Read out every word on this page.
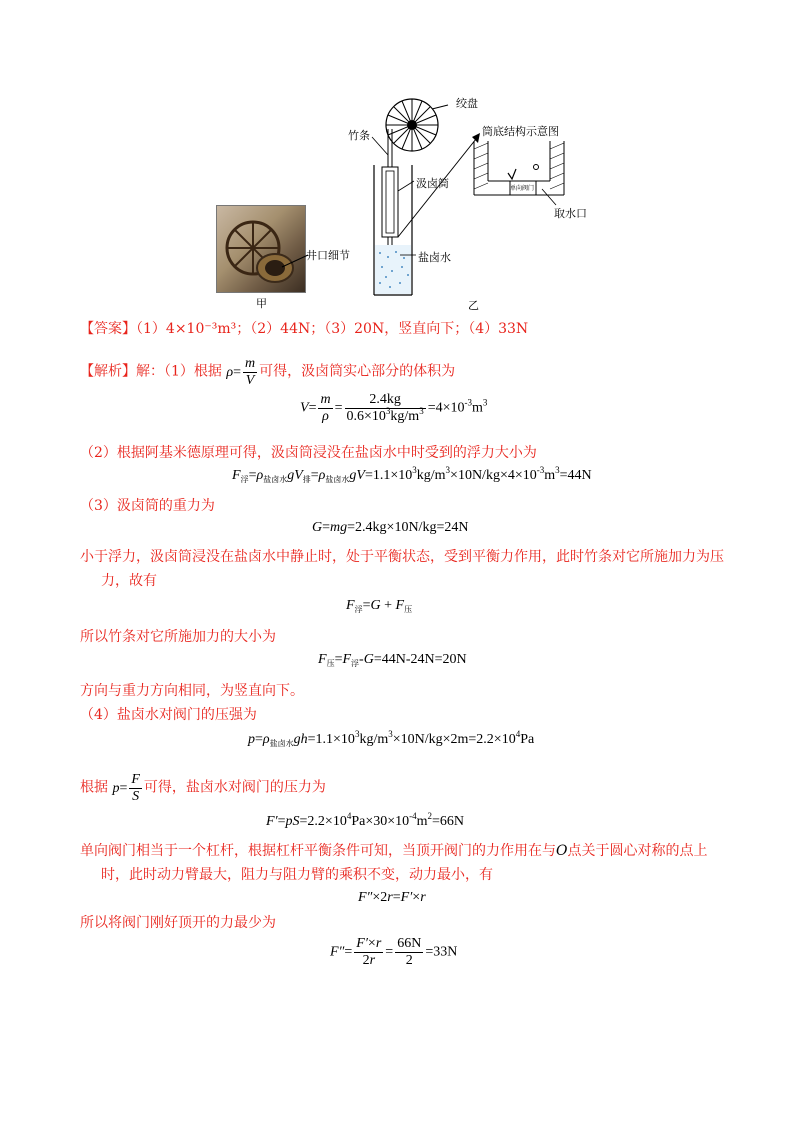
井口细节
甲
绞盘
竹条	筒底结构示意图
汲卤筒	单向阀门
取水口
盐卤水
乙
【答案】（1）4×10⁻³m³；（2）44N；（3）20N，竖直向下；（4）33N
【解析】解：（1）根据 $\rho= \frac{m}{V}$ 可得，汲卤筒实心部分的体积为
$V= \frac{m}{\rho} = \frac{2.4kg}{0.6\times 10^3kg/m^3} =4\times 10^{-3}m^3$
（2）根据阿基米德原理可得，汲卤筒浸没在盐卤水中时受到的浮力大小为
$F_浮=\rho_{盐卤水}gV_排=\rho_{盐卤水}gV=1.1\times 10^3kg/m^3\times 10N/kg\times 4\times 10^{-3}m^3=44N$
（3）汲卤筒的重力为
G=mg=2.4kg×10N/kg=24N
小于浮力，汲卤筒浸没在盐卤水中静止时，处于平衡状态，受到平衡力作用，此时竹条对它所施加力为压
力，故有
$F_浮=G + F_压$
所以竹条对它所施加力的大小为
$F_压=F_浮-G=44N-24N=20N$
方向与重力方向相同，为竖直向下。
（4）盐卤水对阀门的压强为
$p=\rho_{盐卤水}gh=1.1\times 10^3kg/m^3\times 10N/kg\times 2m=2.2\times 10^4Pa$
根据 $p= \frac{F}{S}$ 可得，盐卤水对阀门的压力为
$F'=pS=2.2\times 10^4Pa\times 30\times 10^{-4}m^2=66N$
单向阀门相当于一个杠杆，根据杠杆平衡条件可知，当顶开阀门的力作用在与O点关于圆心对称的点上
时，此时动力臂最大，阻力与阻力臂的乘积不变，动力最小，有
F″×2r=F′×r
所以将阀门刚好顶开的力最少为
$F''= \frac{F'\times r}{2r} = \frac{66N}{2} =33N$
